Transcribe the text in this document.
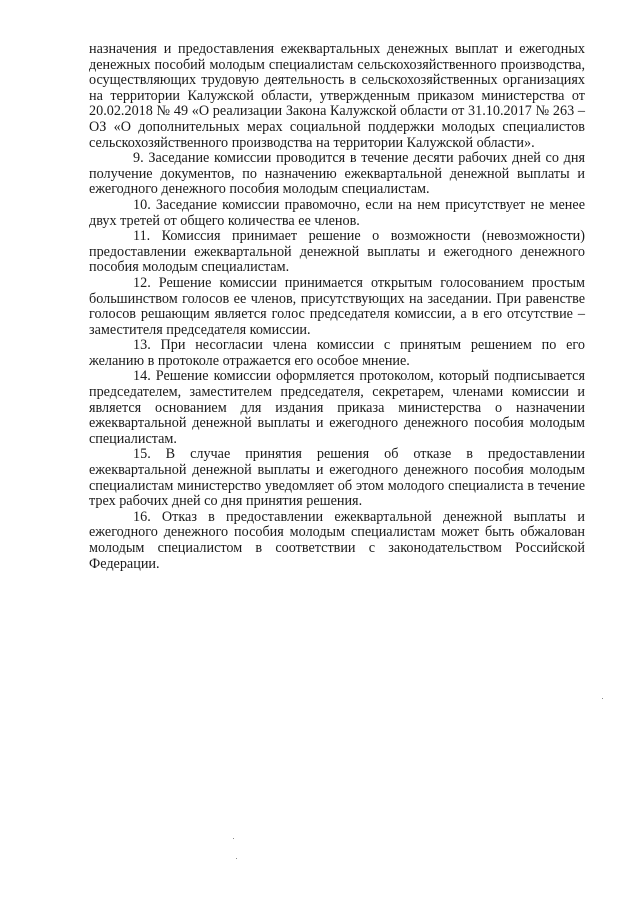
назначения и предоставления ежеквартальных денежных выплат и ежегодных денежных пособий молодым специалистам сельскохозяйственного производства, осуществляющих трудовую деятельность в сельскохозяйственных организациях на территории Калужской области, утвержденным приказом министерства от 20.02.2018 № 49 «О реализации Закона Калужской области от 31.10.2017 № 263 – ОЗ «О дополнительных мерах социальной поддержки молодых специалистов сельскохозяйственного производства на территории Калужской области».

9. Заседание комиссии проводится в течение десяти рабочих дней со дня получение документов, по назначению ежеквартальной денежной выплаты и ежегодного денежного пособия молодым специалистам.

10. Заседание комиссии правомочно, если на нем присутствует не менее двух третей от общего количества ее членов.

11. Комиссия принимает решение о возможности (невозможности) предоставлении ежеквартальной денежной выплаты и ежегодного денежного пособия молодым специалистам.

12. Решение комиссии принимается открытым голосованием простым большинством голосов ее членов, присутствующих на заседании. При равенстве голосов решающим является голос председателя комиссии, а в его отсутствие – заместителя председателя комиссии.

13. При несогласии члена комиссии с принятым решением по его желанию в протоколе отражается его особое мнение.

14. Решение комиссии оформляется протоколом, который подписывается председателем, заместителем председателя, секретарем, членами комиссии и является основанием для издания приказа министерства о назначении ежеквартальной денежной выплаты и ежегодного денежного пособия молодым специалистам.

15. В случае принятия решения об отказе в предоставлении ежеквартальной денежной выплаты и ежегодного денежного пособия молодым специалистам министерство уведомляет об этом молодого специалиста в течение трех рабочих дней со дня принятия решения.

16. Отказ в предоставлении ежеквартальной денежной выплаты и ежегодного денежного пособия молодым специалистам может быть обжалован молодым специалистом в соответствии с законодательством Российской Федерации.
